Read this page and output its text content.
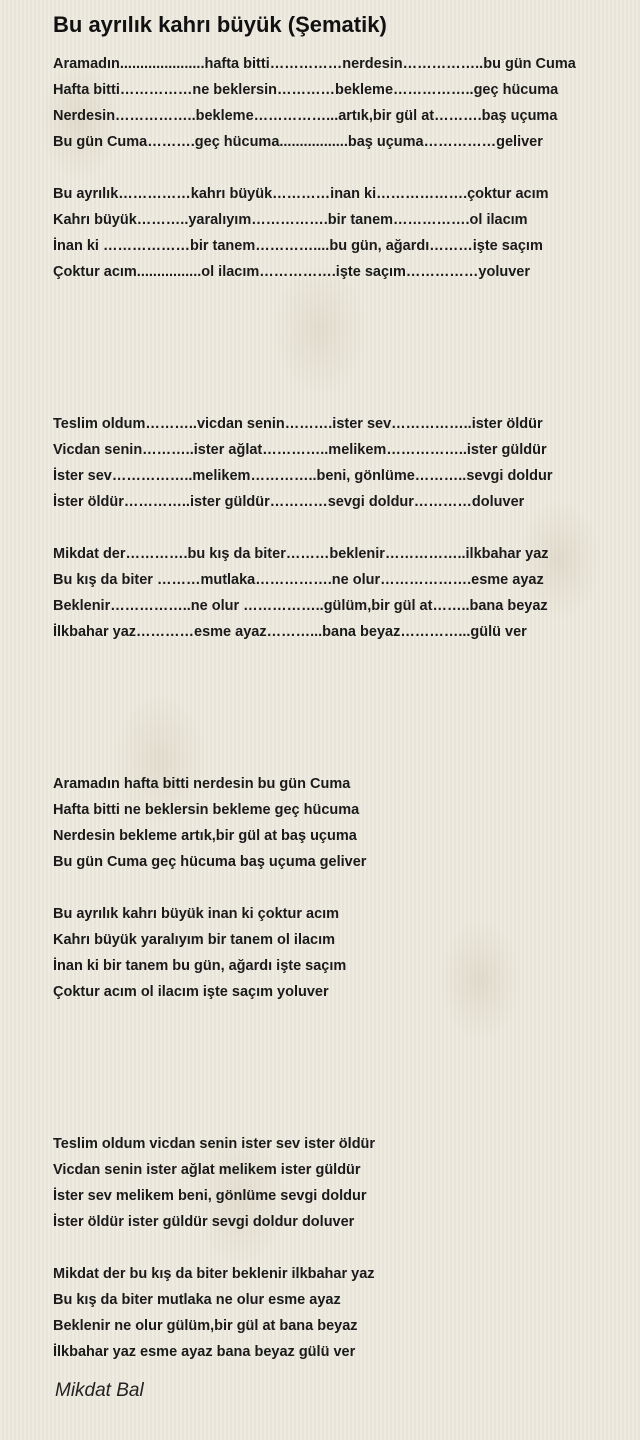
Bu ayrılık kahrı büyük (Şematik)
Aramadın.....................hafta bitti……………nerdesin……………..bu gün Cuma
Hafta bitti……………ne beklersin…………bekleme……………..geç hücuma
Nerdesin……………..bekleme……………...artık,bir gül at……….baş uçuma
Bu gün Cuma……….geç hücuma.................baş uçuma……………geliver
Bu ayrılık……………kahrı büyük…………inan ki……………….çoktur acım
Kahrı büyük………..yaralıyım…………….bir tanem…………….ol ilacım
İnan ki ………………bir tanem…………....bu gün, ağardı………işte saçım
Çoktur acım................ol ilacım…………….işte saçım……………yoluver
Teslim oldum………..vicdan senin……….ister sev……………..ister öldür
Vicdan senin………..ister ağlat…………..melikem……………..ister güldür
İster sev……………..melikem…………..beni, gönlüme………..sevgi doldur
İster öldür…………..ister güldür…………sevgi doldur…………doluver
Mikdat der………….bu kış da biter………beklenir……………..ilkbahar yaz
Bu kış da biter ………mutlaka…………….ne olur……………….esme ayaz
Beklenir……………..ne olur ……………..gülüm,bir gül at……..bana beyaz
İlkbahar yaz…………esme ayaz………...bana beyaz…………...gülü ver
Aramadın hafta bitti nerdesin bu gün Cuma
Hafta bitti ne beklersin bekleme geç hücuma
Nerdesin bekleme artık,bir gül at baş uçuma
Bu gün Cuma geç hücuma baş uçuma geliver
Bu ayrılık kahrı büyük inan ki çoktur acım
Kahrı büyük yaralıyım bir tanem ol ilacım
İnan ki bir tanem bu gün, ağardı işte saçım
Çoktur acım ol ilacım işte saçım yoluver
Teslim oldum vicdan senin ister sev ister öldür
Vicdan senin ister ağlat melikem ister güldür
İster sev melikem beni, gönlüme sevgi doldur
İster öldür ister güldür sevgi doldur doluver
Mikdat der bu kış da biter beklenir ilkbahar yaz
Bu kış da biter mutlaka ne olur esme ayaz
Beklenir ne olur gülüm,bir gül at bana beyaz
İlkbahar yaz esme ayaz bana beyaz gülü ver
Mikdat Bal
